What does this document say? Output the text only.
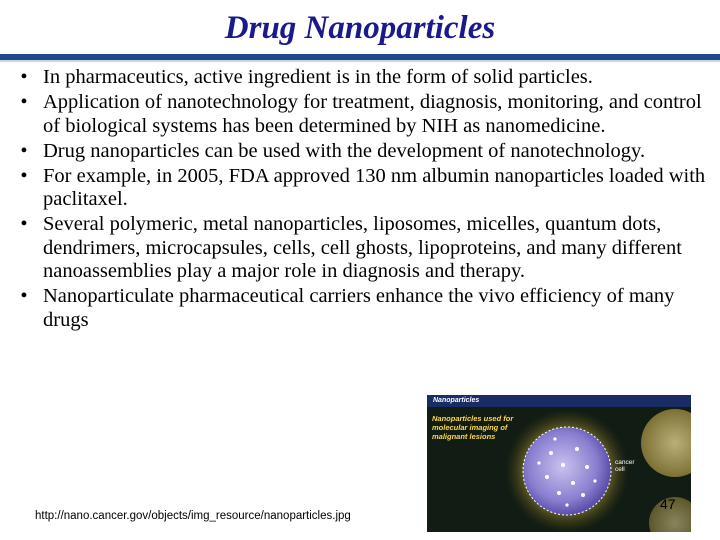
Drug Nanoparticles
• In pharmaceutics, active ingredient is in the form of solid particles.
• Application of nanotechnology for treatment, diagnosis, monitoring, and control of biological systems has been determined by NIH as nanomedicine.
• Drug nanoparticles can be used with the development of nanotechnology.
• For example, in 2005, FDA approved 130 nm albumin nanoparticles loaded with paclitaxel.
• Several polymeric, metal nanoparticles, liposomes, micelles, quantum dots, dendrimers, microcapsules, cells, cell ghosts, lipoproteins, and many different nanoassemblies play a major role in diagnosis and therapy.
• Nanoparticulate pharmaceutical carriers enhance the vivo efficiency of many drugs
Nanoparticles
Nanoparticles used for molecular imaging of malignant lesions
cancer cell
http://nano.cancer.gov/objects/img_resource/nanoparticles.jpg
47
